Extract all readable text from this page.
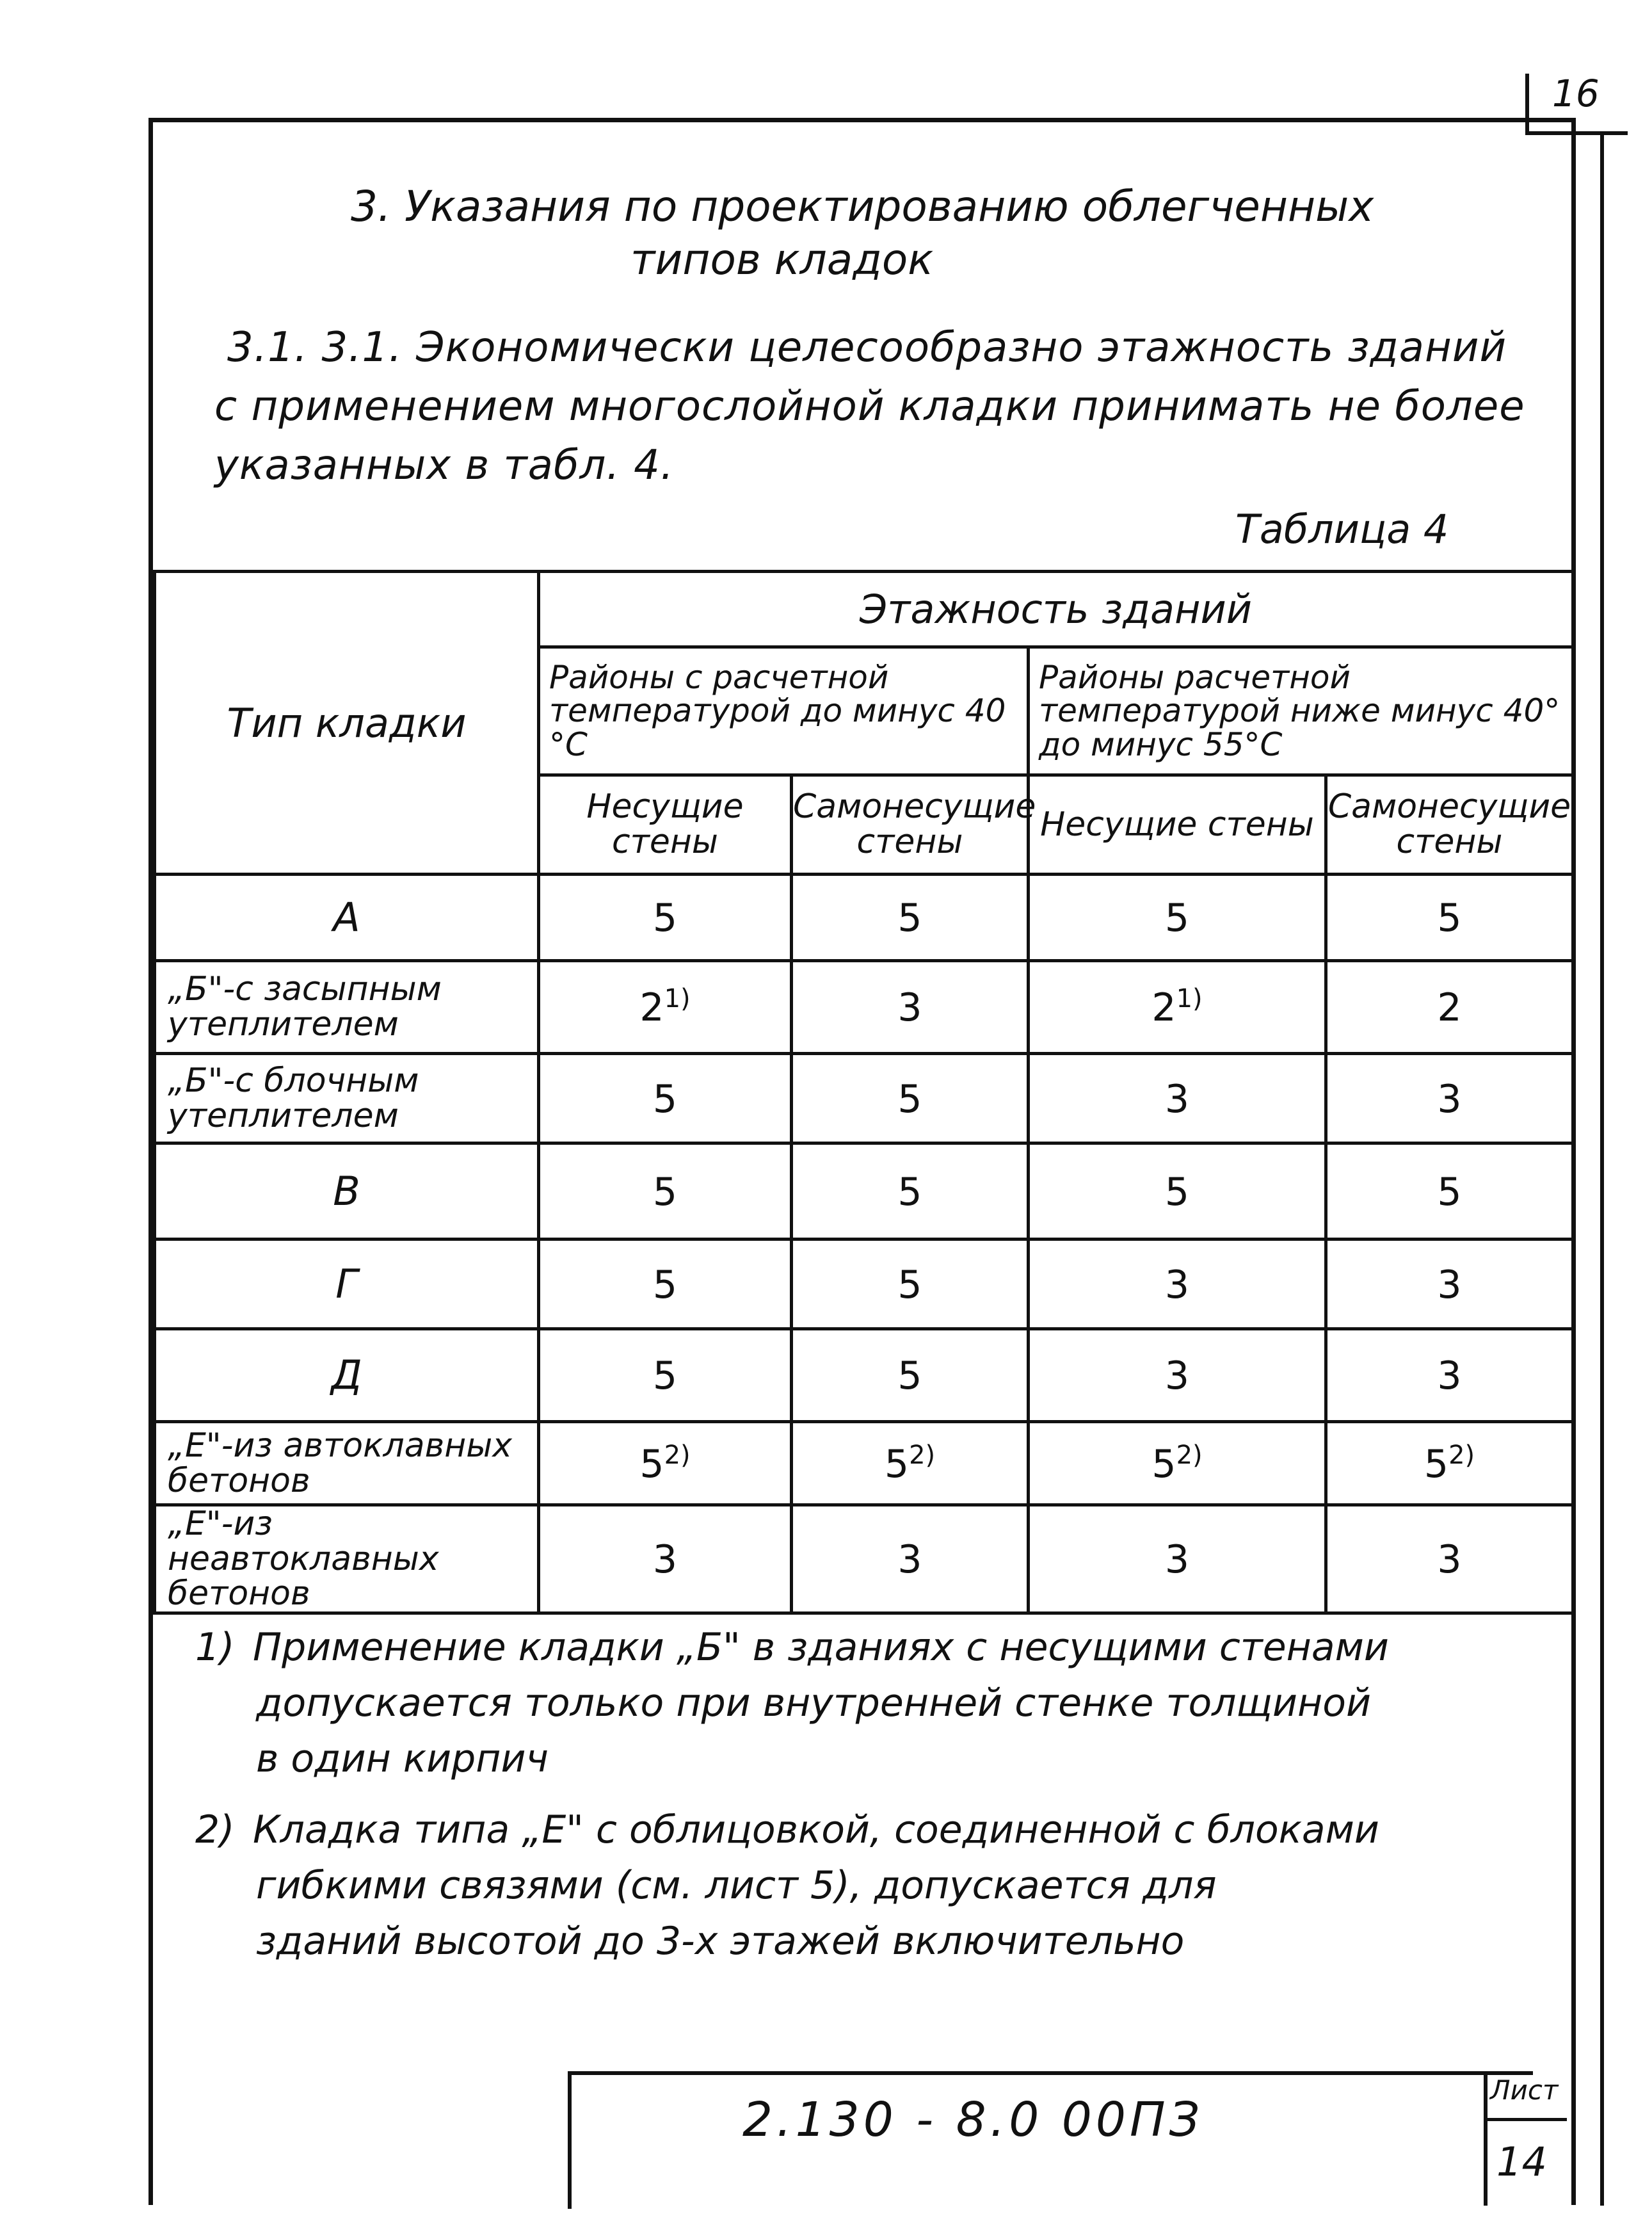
16
3. Указания по проектированию облегченных
типов кладок
3.1. 3.1. Экономически целесообразно этажность зданий
с применением многослойной кладки принимать не более
указанных в табл. 4.
Таблица 4
Тип кладки	Этажность зданий			
	Районы с расчетной температурой до минус 40 °C		Районы расчетной температурой ниже минус 40° до минус 55°C	
	Несущие стены	Самонесущие стены	Несущие стены	Самонесущие стены
А	5	5	5	5
„Б"-с засыпным утеплителем	2$^{1)}$	3	2$^{1)}$	2
„Б"-с блочным утеплителем	5	5	3	3
В	5	5	5	5
Г	5	5	3	3
Д	5	5	3	3
„Е"-из автоклавных бетонов	5$^{2)}$	5$^{2)}$	5$^{2)}$	5$^{2)}$
„Е"-из неавтоклавных бетонов	3	3	3	3
1) Применение кладки „Б" в зданиях с несущими стенами
допускается только при внутренней стенке толщиной
в один кирпич
2) Кладка типа „Е" с облицовкой, соединенной с блоками
гибкими связями (см. лист 5), допускается для
зданий высотой до 3-х этажей включительно
2.130 - 8.0 00ПЗ
Лист
14
